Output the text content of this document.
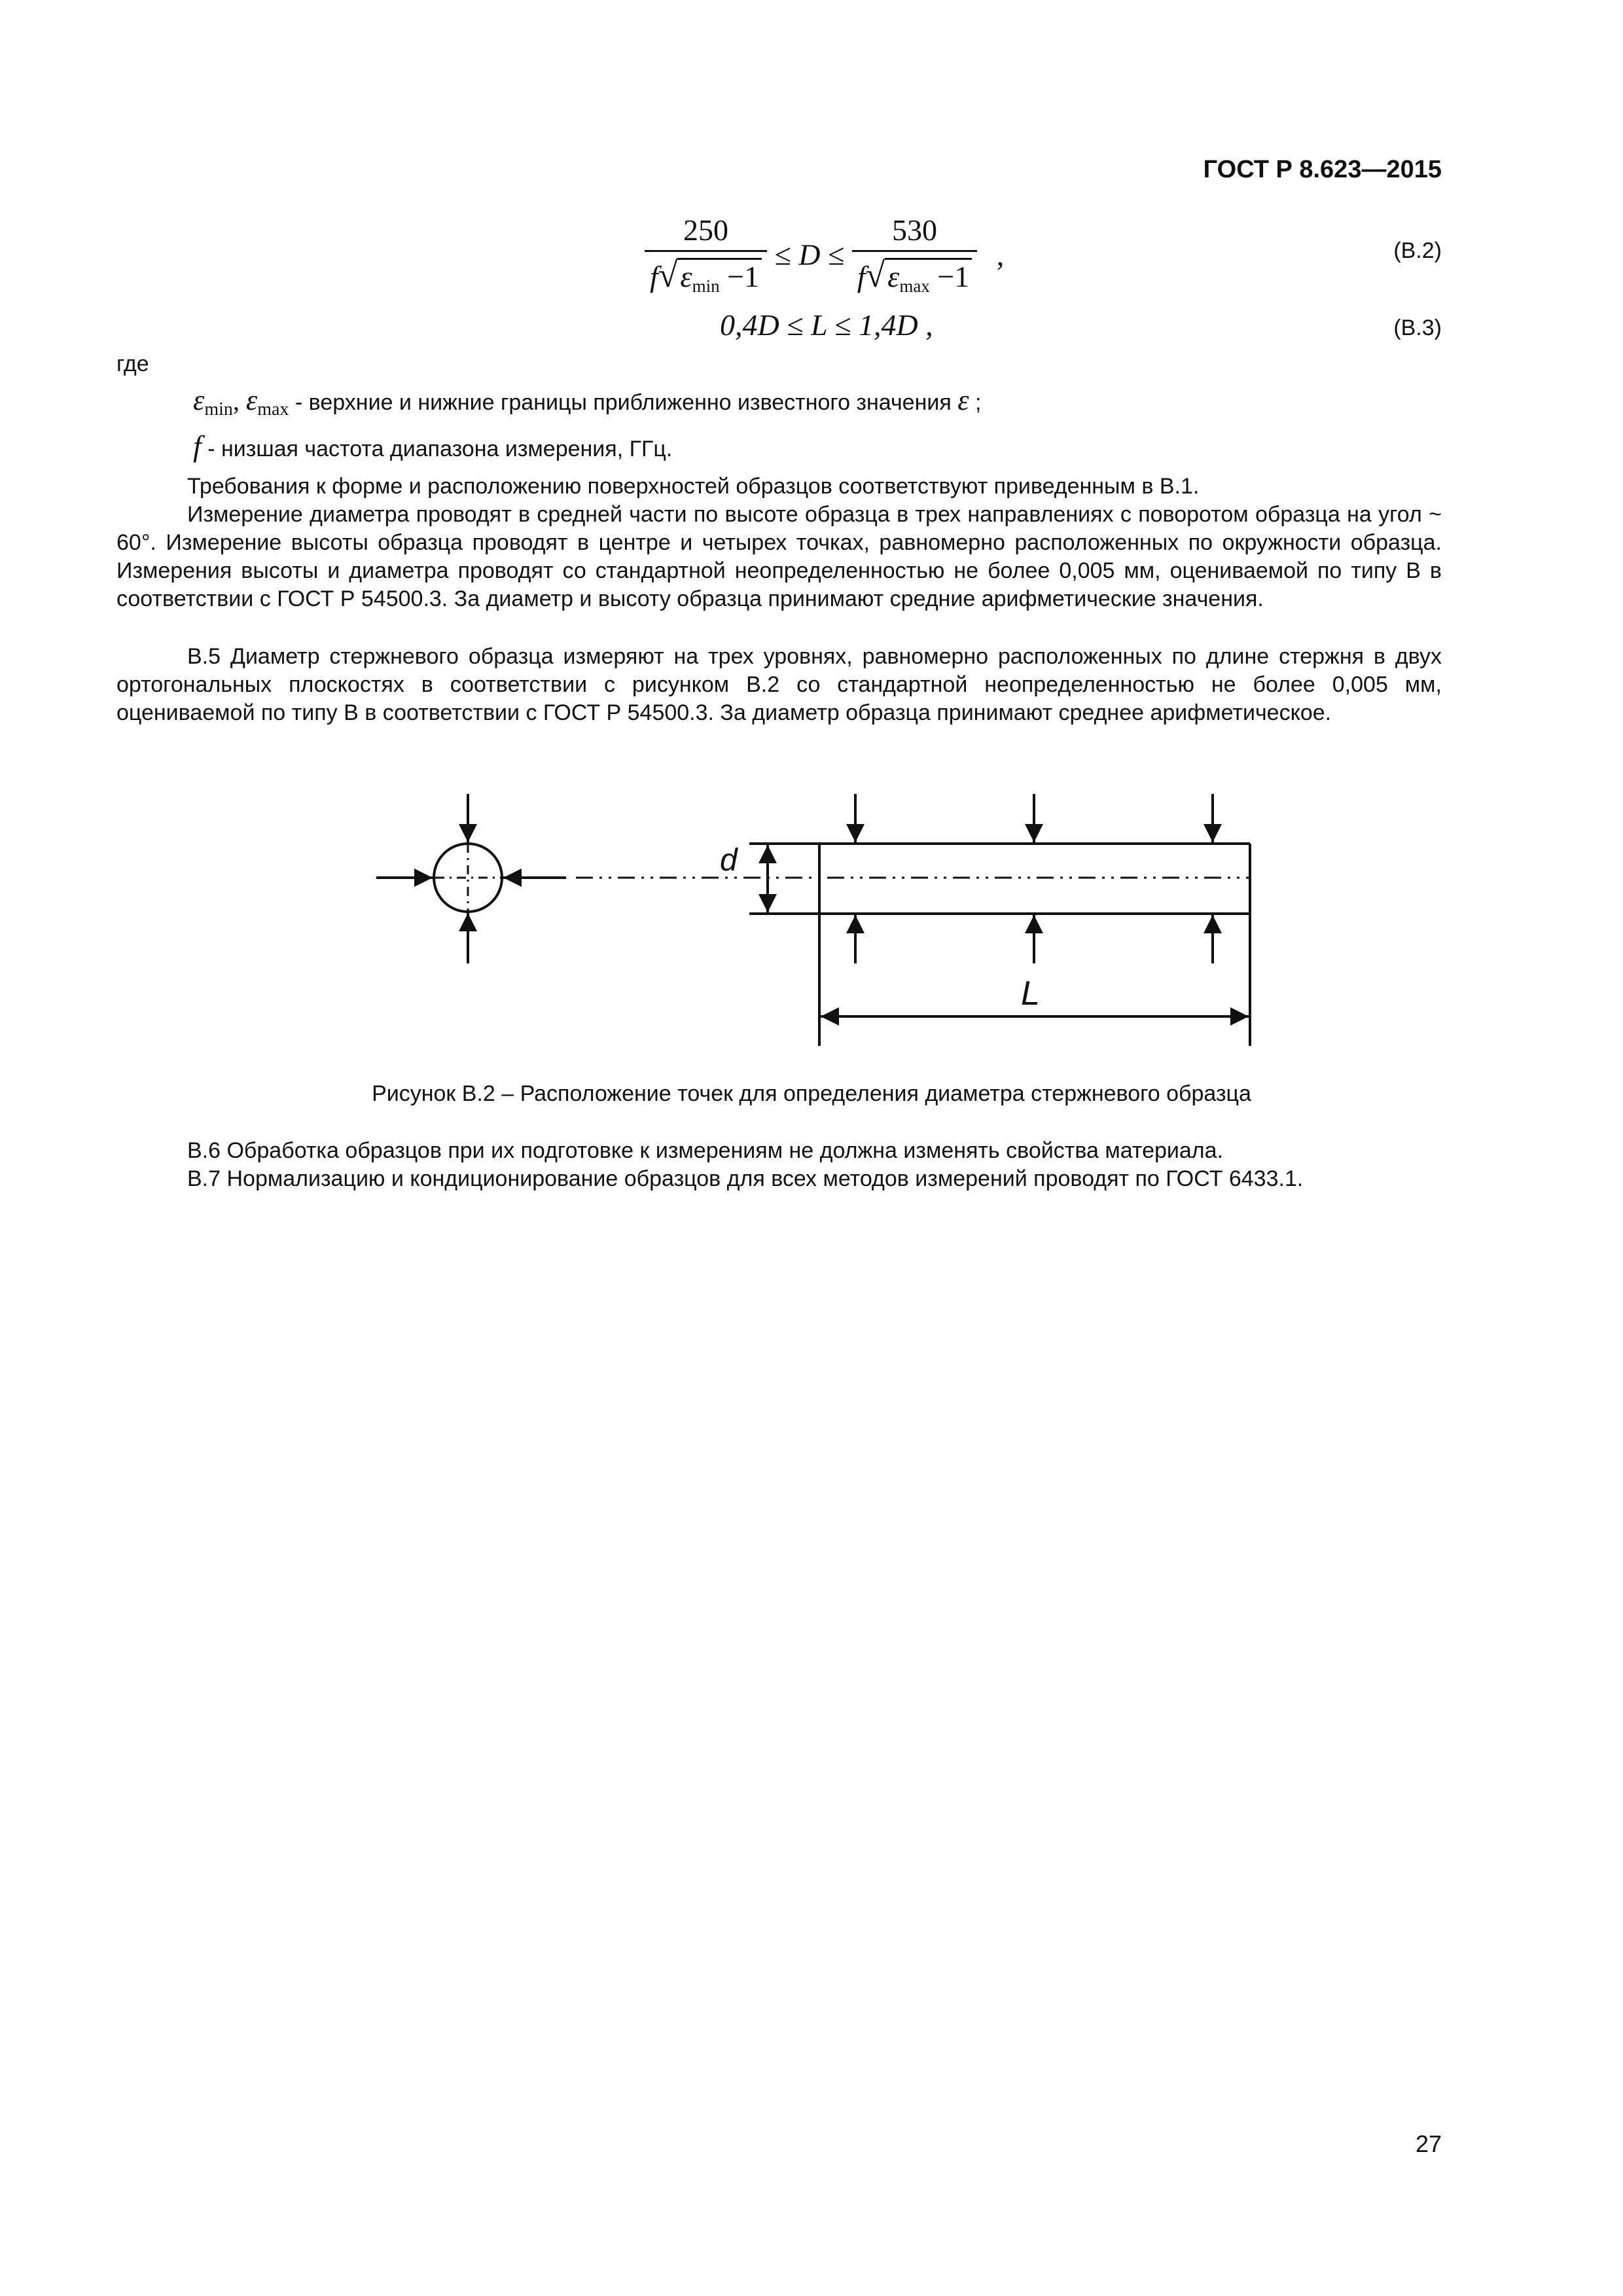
ГОСТ Р 8.623—2015
$\frac{250}{f√\varepsilon_{min} -1} \le D \le \frac{530}{f√\varepsilon_{max} -1}$ ,	(В.2)
0,4D ≤ L ≤ 1,4D ,	(В.3)
где
$\varepsilon_{min}$, $\varepsilon_{max}$ - верхние и нижние границы приближенно известного значения ε ;
f - низшая частота диапазона измерения, ГГц.
Требования к форме и расположению поверхностей образцов соответствуют приведенным в В.1.
Измерение диаметра проводят в средней части по высоте образца в трех направлениях с поворотом образца на угол ~ 60°. Измерение высоты образца проводят в центре и четырех точках, равномерно расположенных по окружности образца. Измерения высоты и диаметра проводят со стандартной неопределенностью не более 0,005 мм, оцениваемой по типу В в соответствии с ГОСТ Р 54500.3. За диаметр и высоту образца принимают средние арифметические значения.
В.5 Диаметр стержневого образца измеряют на трех уровнях, равномерно расположенных по длине стержня в двух ортогональных плоскостях в соответствии с рисунком В.2 со стандартной неопределенностью не более 0,005 мм, оцениваемой по типу В в соответствии с ГОСТ Р 54500.3. За диаметр образца принимают среднее арифметическое.
d
L
Рисунок В.2 – Расположение точек для определения диаметра стержневого образца
В.6 Обработка образцов при их подготовке к измерениям не должна изменять свойства материала.
В.7 Нормализацию и кондиционирование образцов для всех методов измерений проводят по ГОСТ 6433.1.
27
